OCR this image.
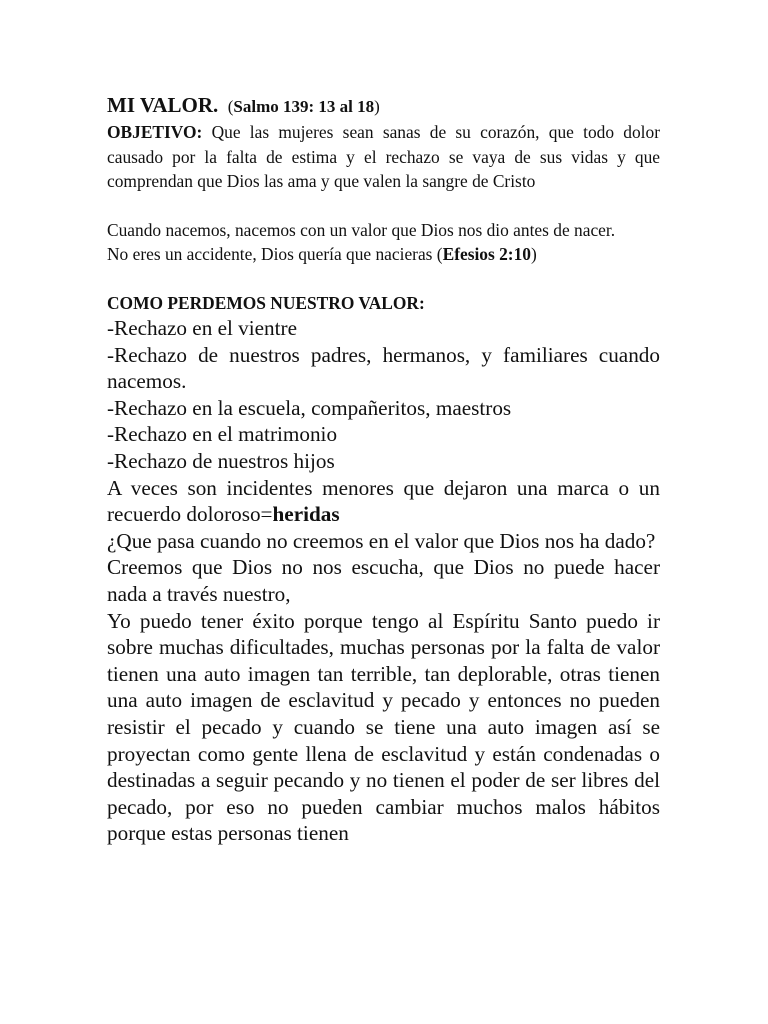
MI VALOR. (Salmo 139: 13 al 18)

OBJETIVO: Que las mujeres sean sanas de su corazón, que todo dolor causado por la falta de estima y el rechazo se vaya de sus vidas y que comprendan que Dios las ama y que valen la sangre de Cristo

Cuando nacemos, nacemos con un valor que Dios nos dio antes de nacer.

No eres un accidente, Dios quería que nacieras (Efesios 2:10)

COMO PERDEMOS NUESTRO VALOR:

-Rechazo en el vientre

-Rechazo de nuestros padres, hermanos, y familiares cuando nacemos.

-Rechazo en la escuela, compañeritos, maestros

-Rechazo en el matrimonio

-Rechazo de nuestros hijos

A veces son incidentes menores que dejaron una marca o un recuerdo doloroso=heridas

¿Que pasa cuando no creemos en el valor que Dios nos ha dado?

Creemos que Dios no nos escucha, que Dios no puede hacer nada a través nuestro,

Yo puedo tener éxito porque tengo al Espíritu Santo puedo ir sobre muchas dificultades, muchas personas por la falta de valor tienen una auto imagen tan terrible, tan deplorable, otras tienen una auto imagen de esclavitud y pecado y entonces no pueden resistir el pecado y cuando se tiene una auto imagen así se proyectan como gente llena de esclavitud y están condenadas o destinadas a seguir pecando y no tienen el poder de ser libres del pecado, por eso no pueden cambiar muchos malos hábitos porque estas personas tienen
